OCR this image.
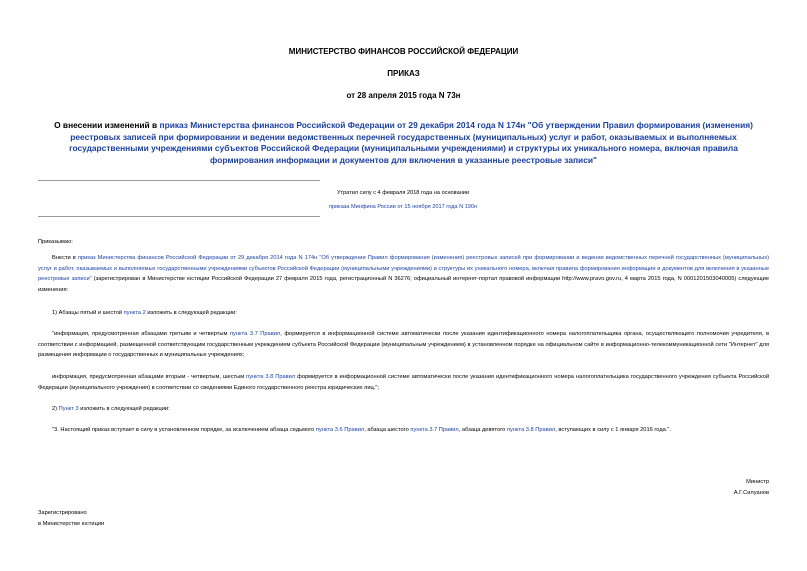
МИНИСТЕРСТВО ФИНАНСОВ РОССИЙСКОЙ ФЕДЕРАЦИИ
ПРИКАЗ
от 28 апреля 2015 года N 73н
О внесении изменений в приказ Министерства финансов Российской Федерации от 29 декабря 2014 года N 174н "Об утверждении Правил формирования (изменения) реестровых записей при формировании и ведении ведомственных перечней государственных (муниципальных) услуг и работ, оказываемых и выполняемых государственными учреждениями субъектов Российской Федерации (муниципальными учреждениями) и структуры их уникального номера, включая правила формирования информации и документов для включения в указанные реестровые записи"
Утратил силу с 4 февраля 2018 года на основании
приказа Минфина России от 15 ноября 2017 года N 190н
Приказываю:
Внести в приказ Министерства финансов Российской Федерации от 29 декабря 2014 года N 174н "Об утверждении Правил формирования (изменения) реестровых записей при формировании и ведении ведомственных перечней государственных (муниципальных) услуг и работ, оказываемых и выполняемых государственными учреждениями субъектов Российской Федерации (муниципальными учреждениями) и структуры их уникального номера, включая правила формирования информации и документов для включения в указанные реестровые записи" (зарегистрирован в Министерстве юстиции Российской Федерации 27 февраля 2015 года, регистрационный N 36276; официальный интернет-портал правовой информации http://www.pravo.gov.ru, 4 марта 2015 года, N 0001201503040005) следующие изменения:
1) Абзацы пятый и шестой пункта 2 изложить в следующей редакции:
"информация, предусмотренная абзацами третьим и четвертым пункта 3.7 Правил, формируется в информационной системе автоматически после указания идентификационного номера налогоплательщика органа, осуществляющего полномочия учредителя, в соответствии с информацией, размещенной соответствующим государственным учреждением субъекта Российской Федерации (муниципальным учреждением) в установленном порядке на официальном сайте в информационно-телекоммуникационной сети "Интернет" для размещения информации о государственных и муниципальных учреждениях;
информация, предусмотренная абзацами вторым - четвертым, шестым пункта 3.8 Правил формируется в информационной системе автоматически после указания идентификационного номера налогоплательщика государственного учреждения субъекта Российской Федерации (муниципального учреждения) в соответствии со сведениями Единого государственного реестра юридических лиц.";
2) Пункт 3 изложить в следующей редакции:
"3. Настоящий приказ вступает в силу в установленном порядке, за исключением абзаца седьмого пункта 3.6 Правил, абзаца шестого пункта 3.7 Правил, абзаца девятого пункта 3.8 Правил, вступающих в силу с 1 января 2016 года.".
Министр
А.Г.Силуанов
Зарегистрировано
в Министерстве юстиции
